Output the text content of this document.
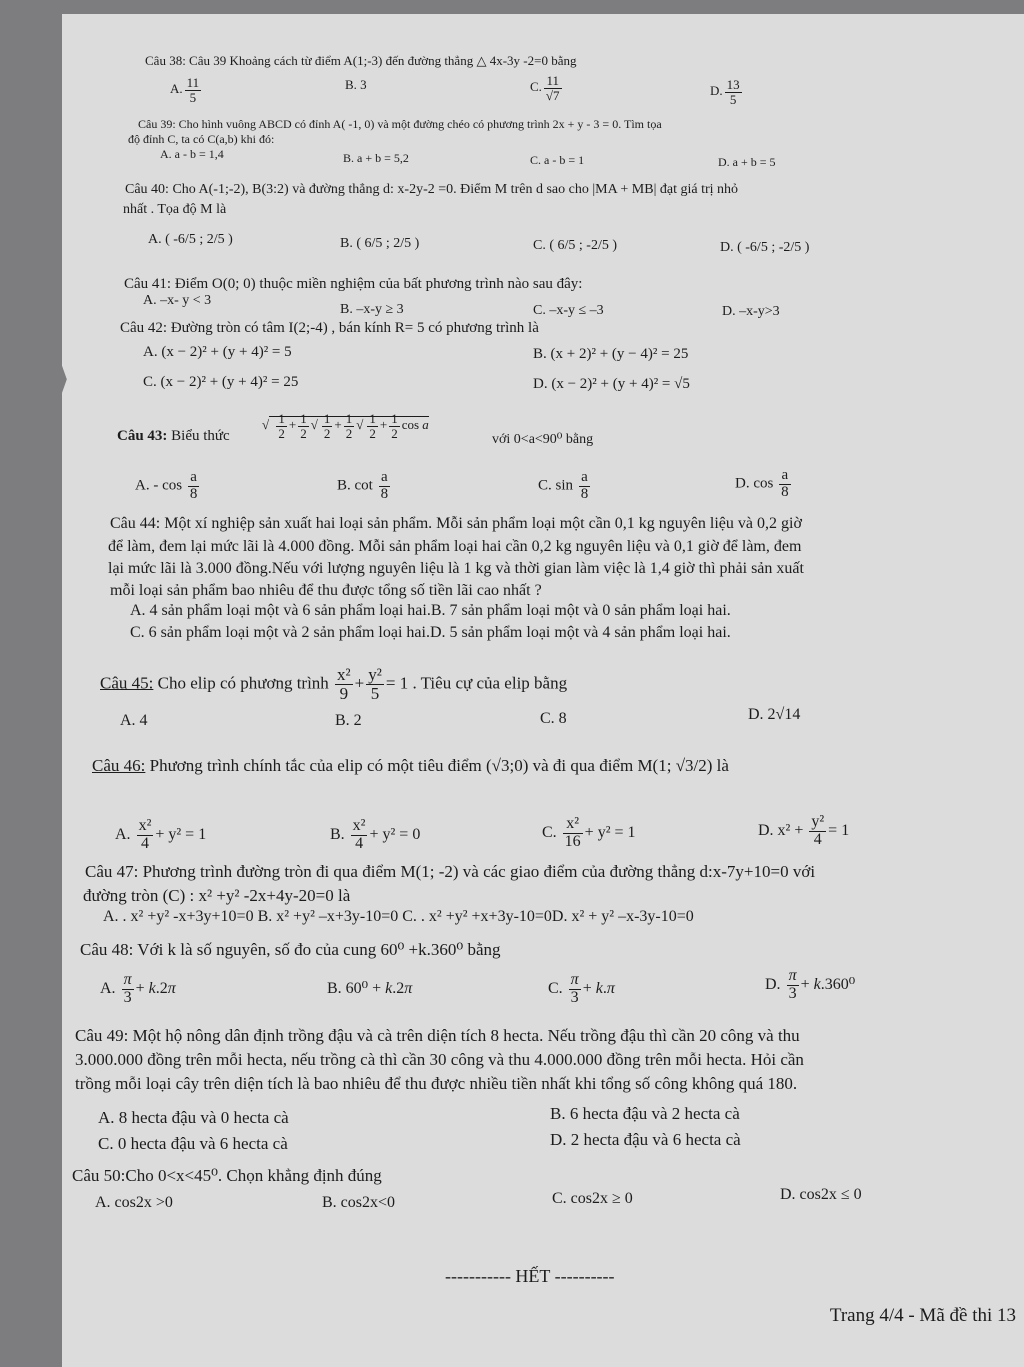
Câu 38: Câu 39 Khoảng cách từ điểm A(1;-3) đến đường thẳng △ 4x-3y -2=0 bằng
A. $\frac{11}{5}$	B. 3	C. $\frac{11}{√7}$	D. $\frac{13}{5}$
Câu 39: Cho hình vuông ABCD có đỉnh A( -1, 0) và một đường chéo có phương trình 2x + y - 3 = 0. Tìm tọa
độ đỉnh C, ta có C(a,b) khi đó:
A. a - b = 1,4	B. a + b = 5,2	C. a - b = 1	D. a + b = 5
Câu 40: Cho A(-1;-2), B(3:2) và đường thẳng d: x-2y-2 =0. Điểm M trên d sao cho |MA + MB| đạt giá trị nhỏ
nhất . Tọa độ M là
A. ( -6/5 ; 2/5 )	B. ( 6/5 ; 2/5 )	C. ( 6/5 ; -2/5 )	D. ( -6/5 ; -2/5 )
Câu 41: Điểm O(0; 0) thuộc miền nghiệm của bất phương trình nào sau đây:
A. –x- y < 3
B. –x-y ≥ 3	C. –x-y ≤ –3	D. –x-y>3
Câu 42: Đường tròn có tâm I(2;-4) , bán kính R= 5 có phương trình là
A. (x − 2)² + (y + 4)² = 5	B. (x + 2)² + (y − 4)² = 25
C. (x − 2)² + (y + 4)² = 25	D. (x − 2)² + (y + 4)² = √5
Câu 43: Biểu thức
√ $\frac{1}{2} + \frac{1}{2}$ √ $\frac{1}{2} + \frac{1}{2}$ √ $\frac{1}{2} + \frac{1}{2}$ cos a
với 0<a<90⁰ bằng
A. - $\cos \frac{a}{8}$	B. $\cot \frac{a}{8}$	C. $\sin \frac{a}{8}$	D. $\cos \frac{a}{8}$
Câu 44: Một xí nghiệp sản xuất hai loại sản phẩm. Mỗi sản phẩm loại một cần 0,1 kg nguyên liệu và 0,2 giờ
để làm, đem lại mức lãi là 4.000 đồng. Mỗi sản phẩm loại hai cần 0,2 kg nguyên liệu và 0,1 giờ để làm, đem
lại mức lãi là 3.000 đồng.Nếu với lượng nguyên liệu là 1 kg và thời gian làm việc là 1,4 giờ thì phải sản xuất
mỗi loại sản phẩm bao nhiêu để thu được tổng số tiền lãi cao nhất ?
A. 4 sản phẩm loại một và 6 sản phẩm loại hai.B. 7 sản phẩm loại một và 0 sản phẩm loại hai.
C. 6 sản phẩm loại một và 2 sản phẩm loại hai.D. 5 sản phẩm loại một và 4 sản phẩm loại hai.
Câu 45: Cho elip có phương trình $\frac{\text{x²}}{9} + \frac{\text{y²}}{5} = 1$ . Tiêu cự của elip bằng
A. 4	B. 2	C. 8	D. 2√14
Câu 46: Phương trình chính tắc của elip có một tiêu điểm (√3;0) và đi qua điểm M(1; √3/2) là
A. $\frac{\text{x²}}{4} + y^2 = 1$	B. $\frac{\text{x²}}{4} + y^2 = 0$	C. $\frac{\text{x²}}{16} + y^2 = 1$	D. $x^2 + \frac{\text{y²}}{4} = 1$
Câu 47: Phương trình đường tròn đi qua điểm M(1; -2) và các giao điểm của đường thẳng d:x-7y+10=0 với
đường tròn (C) : x² +y² -2x+4y-20=0 là
A. . x² +y² -x+3y+10=0 B. x² +y² –x+3y-10=0 C. . x² +y² +x+3y-10=0D. x² + y² –x-3y-10=0
Câu 48: Với k là số nguyên, số đo của cung 60⁰ +k.360⁰ bằng
A. $\frac{\pi}{3} + k.2\pi$	B. 60⁰ + k.2π	C. $\frac{\pi}{3} + k.\pi$	D. $\frac{\pi}{3} + k.360^0$
Câu 49: Một hộ nông dân định trồng đậu và cà trên diện tích 8 hecta. Nếu trồng đậu thì cần 20 công và thu
3.000.000 đồng trên mỗi hecta, nếu trồng cà thì cần 30 công và thu 4.000.000 đồng trên mỗi hecta. Hỏi cần
trồng mỗi loại cây trên diện tích là bao nhiêu để thu được nhiều tiền nhất khi tổng số công không quá 180.
A. 8 hecta đậu và 0 hecta cà	B. 6 hecta đậu và 2 hecta cà
C. 0 hecta đậu và 6 hecta cà	D. 2 hecta đậu và 6 hecta cà
Câu 50:Cho 0<x<45⁰. Chọn khẳng định đúng
A. cos2x >0	B. cos2x<0	C. cos2x ≥ 0	D. cos2x ≤ 0
----------- HẾT ----------
Trang 4/4 - Mã đề thi 13
